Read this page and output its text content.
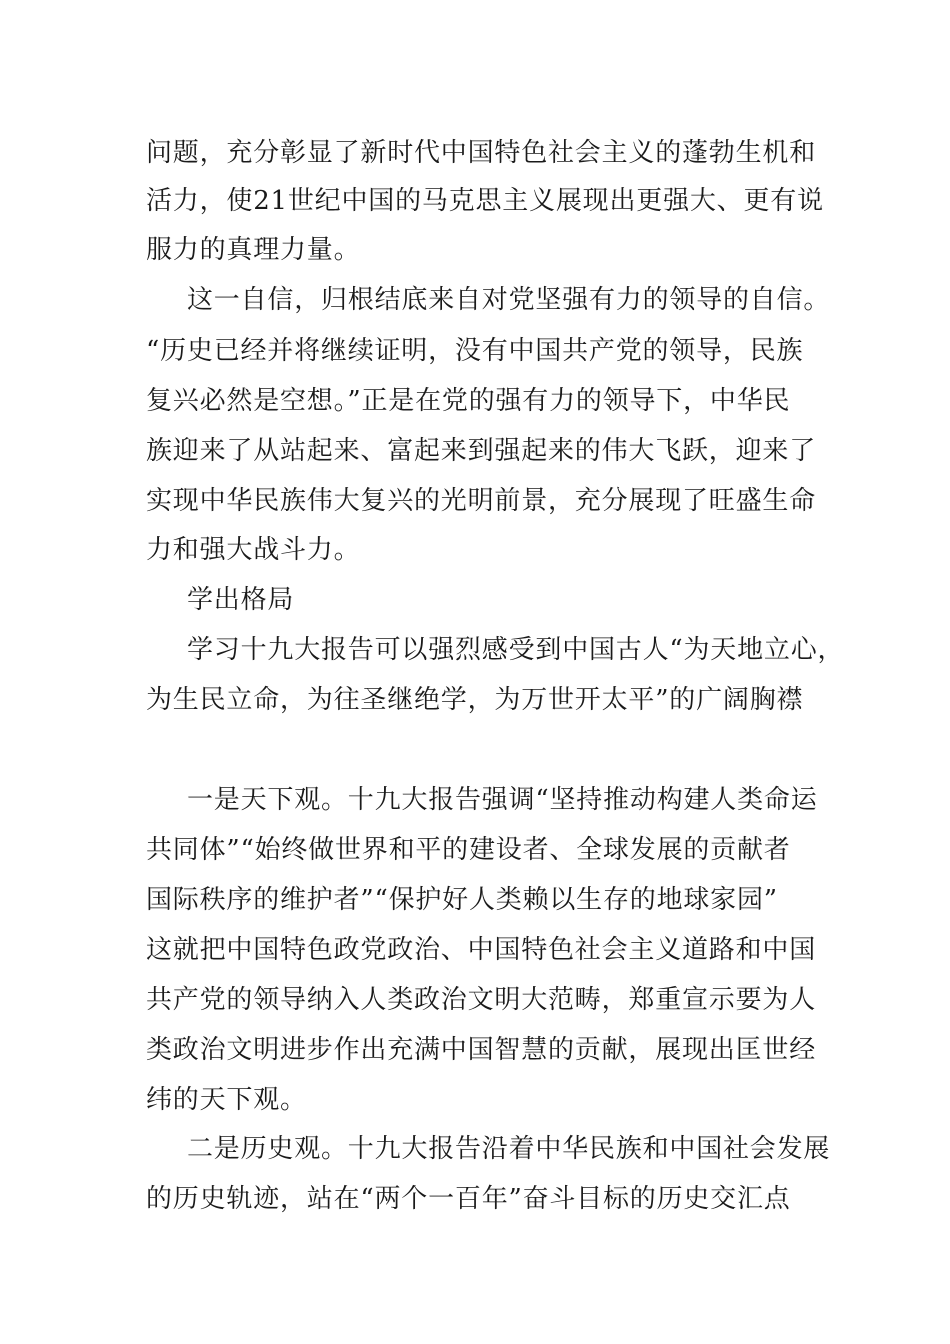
问题，充分彰显了新时代中国特色社会主义的蓬勃生机和
活力，使21世纪中国的马克思主义展现出更强大、更有说
服力的真理力量。
这一自信，归根结底来自对党坚强有力的领导的自信。
“历史已经并将继续证明，没有中国共产党的领导，民族
复兴必然是空想。”正是在党的强有力的领导下，中华民
族迎来了从站起来、富起来到强起来的伟大飞跃，迎来了
实现中华民族伟大复兴的光明前景，充分展现了旺盛生命
力和强大战斗力。
学出格局
学习十九大报告可以强烈感受到中国古人“为天地立心，
为生民立命，为往圣继绝学，为万世开太平”的广阔胸襟
一是天下观。十九大报告强调“坚持推动构建人类命运
共同体”“始终做世界和平的建设者、全球发展的贡献者
国际秩序的维护者”“保护好人类赖以生存的地球家园”
这就把中国特色政党政治、中国特色社会主义道路和中国
共产党的领导纳入人类政治文明大范畴，郑重宣示要为人
类政治文明进步作出充满中国智慧的贡献，展现出匡世经
纬的天下观。
二是历史观。十九大报告沿着中华民族和中国社会发展
的历史轨迹，站在“两个一百年”奋斗目标的历史交汇点
